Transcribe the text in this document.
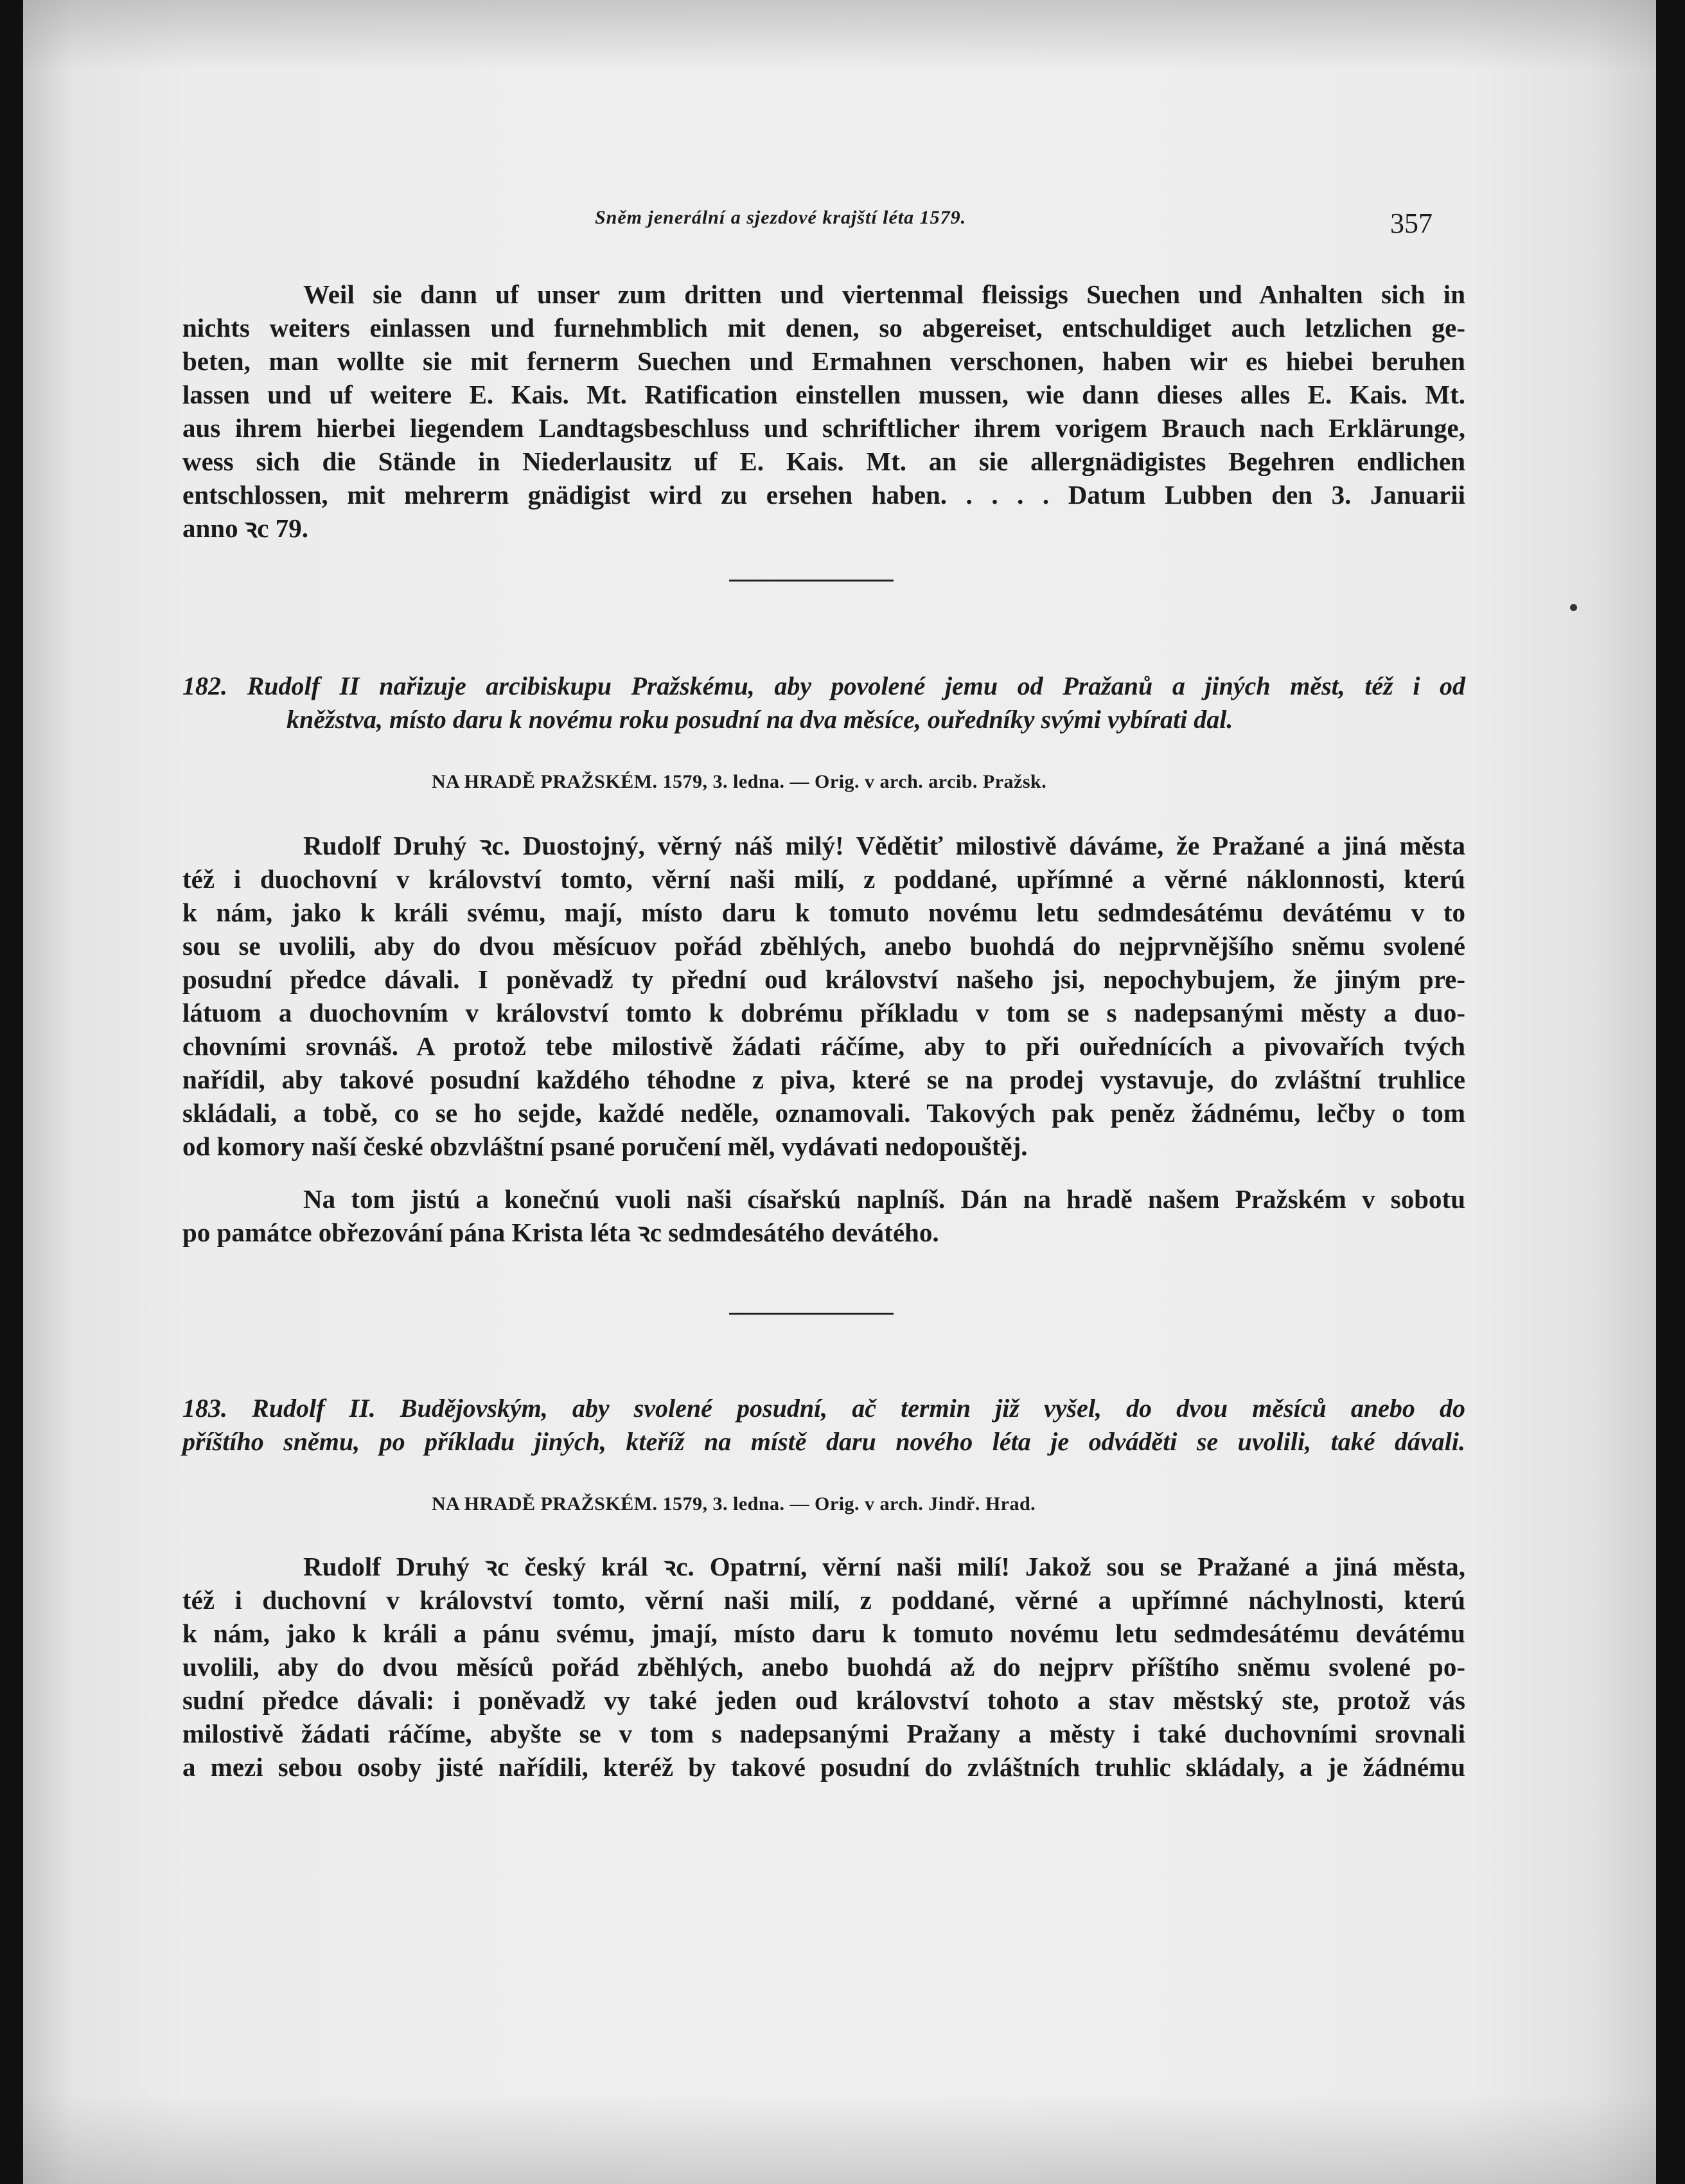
Sněm jenerální a sjezdové krajští léta 1579.	357
Weil sie dann uf unser zum dritten und viertenmal fleissigs Suechen und Anhalten sich in
nichts weiters einlassen und furnehmblich mit denen, so abgereiset, entschuldiget auch letzlichen ge-
beten, man wollte sie mit fernerm Suechen und Ermahnen verschonen, haben wir es hiebei beruhen
lassen und uf weitere E. Kais. Mt. Ratification einstellen mussen, wie dann dieses alles E. Kais. Mt.
aus ihrem hierbei liegendem Landtagsbeschluss und schriftlicher ihrem vorigem Brauch nach Erklärunge,
wess sich die Stände in Niederlausitz uf E. Kais. Mt. an sie allergnädigistes Begehren endlichen
entschlossen, mit mehrerm gnädigist wird zu ersehen haben. . . . . Datum Lubben den 3. Januarii
anno ꝛc 79.
182. Rudolf II nařizuje arcibiskupu Pražskému, aby povolené jemu od Pražanů a jiných měst, též i od
kněžstva, místo daru k novému roku posudní na dva měsíce, ouředníky svými vybírati dal.
NA HRADĚ PRAŽSKÉM. 1579, 3. ledna. — Orig. v arch. arcib. Pražsk.
Rudolf Druhý ꝛc. Duostojný, věrný náš milý! Vědětiť milostivě dáváme, že Pražané a jiná města
též i duochovní v království tomto, věrní naši milí, z poddané, upřímné a věrné náklonnosti, kterú
k nám, jako k králi svému, mají, místo daru k tomuto novému letu sedmdesátému devátému v to
sou se uvolili, aby do dvou měsícuov pořád zběhlých, anebo buohdá do nejprvnějšího sněmu svolené
posudní předce dávali. I poněvadž ty přední oud království našeho jsi, nepochybujem, že jiným pre-
látuom a duochovním v království tomto k dobrému příkladu v tom se s nadepsanými městy a duo-
chovními srovnáš. A protož tebe milostivě žádati ráčíme, aby to při ouřednících a pivovařích tvých
nařídil, aby takové posudní každého téhodne z piva, které se na prodej vystavuje, do zvláštní truhlice
skládali, a tobě, co se ho sejde, každé neděle, oznamovali. Takových pak peněz žádnému, lečby o tom
od komory naší české obzvláštní psané poručení měl, vydávati nedopouštěj.
Na tom jistú a konečnú vuoli naši císařskú naplníš. Dán na hradě našem Pražském v sobotu
po památce obřezování pána Krista léta ꝛc sedmdesátého devátého.
183. Rudolf II. Budějovským, aby svolené posudní, ač termin již vyšel, do dvou měsíců anebo do
příštího sněmu, po příkladu jiných, kteříž na místě daru nového léta je odváděti se uvolili, také dávali.
NA HRADĚ PRAŽSKÉM. 1579, 3. ledna. — Orig. v arch. Jindř. Hrad.
Rudolf Druhý ꝛc český král ꝛc. Opatrní, věrní naši milí! Jakož sou se Pražané a jiná města,
též i duchovní v království tomto, věrní naši milí, z poddané, věrné a upřímné náchylnosti, kterú
k nám, jako k králi a pánu svému, jmají, místo daru k tomuto novému letu sedmdesátému devátému
uvolili, aby do dvou měsíců pořád zběhlých, anebo buohdá až do nejprv příštího sněmu svolené po-
sudní předce dávali: i poněvadž vy také jeden oud království tohoto a stav městský ste, protož vás
milostivě žádati ráčíme, abyšte se v tom s nadepsanými Pražany a městy i také duchovními srovnali
a mezi sebou osoby jisté nařídili, kteréž by takové posudní do zvláštních truhlic skládaly, a je žádnému
